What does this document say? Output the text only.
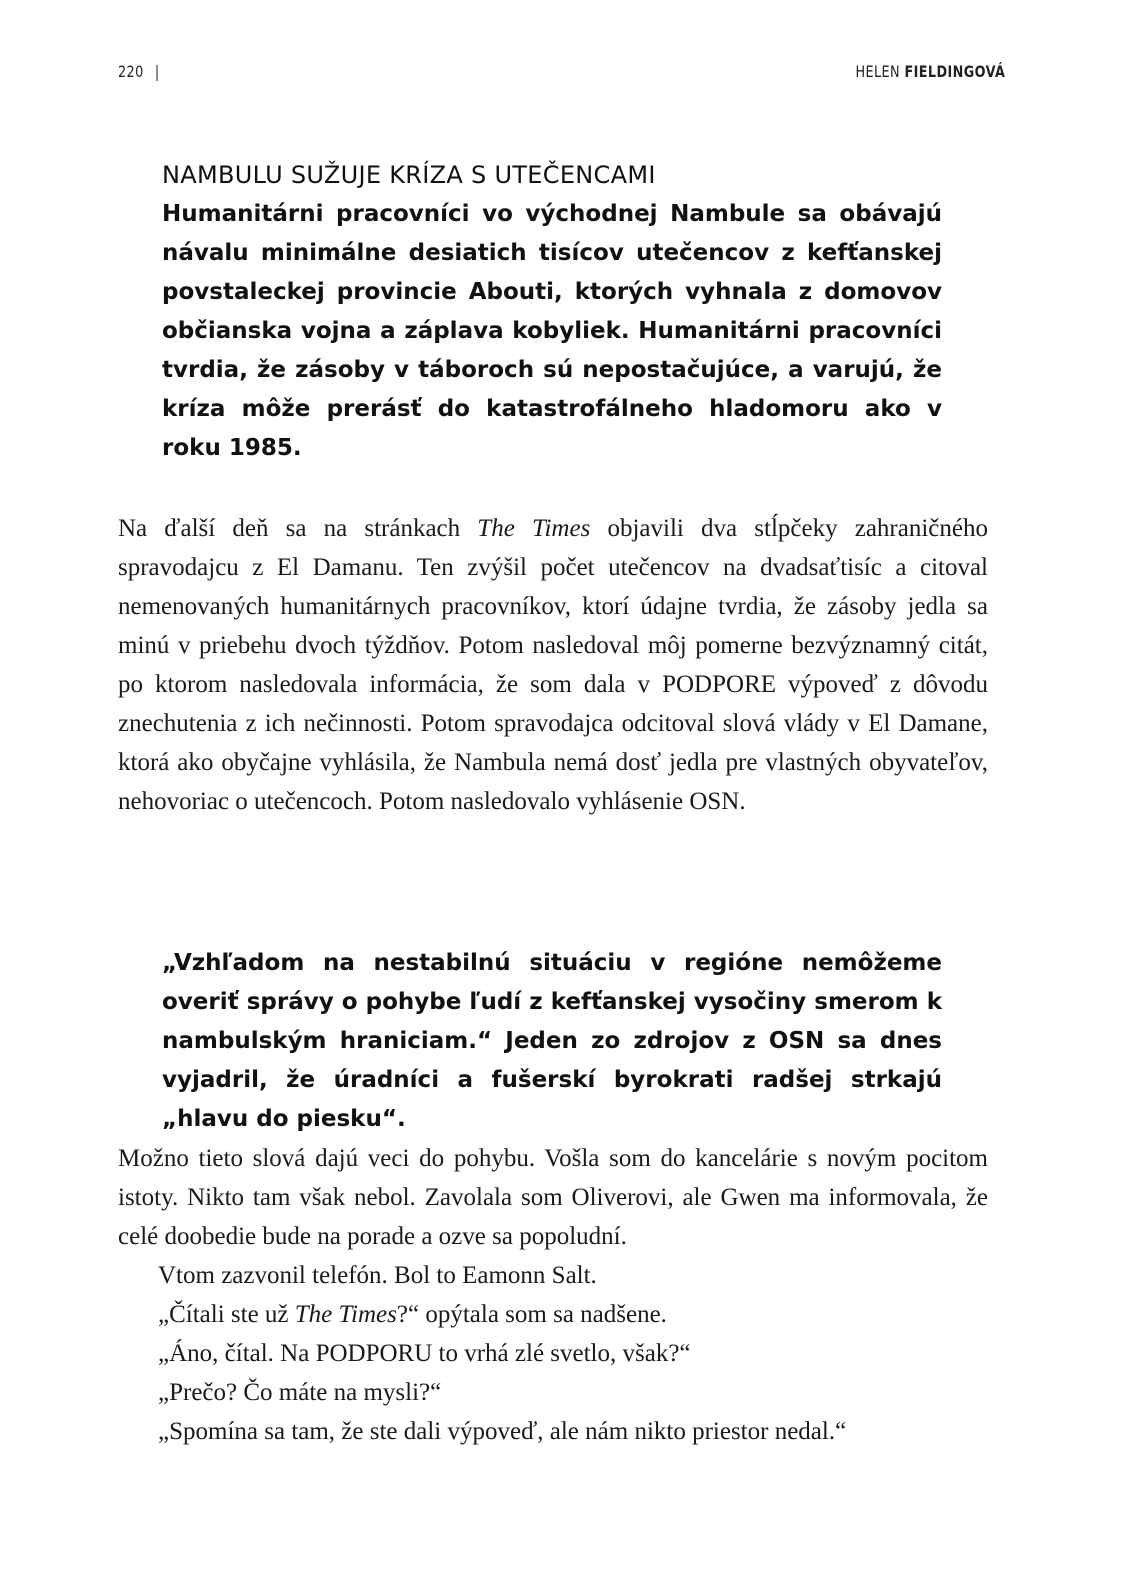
220 |	HELEN FIELDINGOVÁ
NAMBULU SUŽUJE KRÍZA S UTEČENCAMI

Humanitárni pracovníci vo východnej Nambule sa obávajú návalu minimálne desiatich tisícov utečencov z kefťanskej povstaleckej provincie Abouti, ktorých vyhnala z domovov občianska vojna a záplava kobyliek. Humanitárni pracovníci tvrdia, že zásoby v táboroch sú nepostačujúce, a varujú, že kríza môže prerásť do katastrofálneho hladomoru ako v roku 1985.

Na ďalší deň sa na stránkach The Times objavili dva stĺpčeky zahraničného spravodajcu z El Damanu. Ten zvýšil počet utečencov na dvadsaťtisíc a citoval nemenovaných humanitárnych pracovníkov, ktorí údajne tvrdia, že zásoby jedla sa minú v priebehu dvoch týždňov. Potom nasledoval môj pomerne bezvýznamný citát, po ktorom nasledovala informácia, že som dala v PODPORE výpoveď z dôvodu znechutenia z ich nečinnosti. Potom spravodajca odcitoval slová vlády v El Damane, ktorá ako obyčajne vyhlásila, že Nambula nemá dosť jedla pre vlastných obyvateľov, nehovoriac o utečencoch. Potom nasledovalo vyhlásenie OSN.

„Vzhľadom na nestabilnú situáciu v regióne nemôžeme overiť správy o pohybe ľudí z kefťanskej vysočiny smerom k nambulským hraniciam.“ Jeden zo zdrojov z OSN sa dnes vyjadril, že úradníci a fušerskí byrokrati radšej strkajú „hlavu do piesku“.

Možno tieto slová dajú veci do pohybu. Vošla som do kancelárie s novým pocitom istoty. Nikto tam však nebol. Zavolala som Oliverovi, ale Gwen ma informovala, že celé doobedie bude na porade a ozve sa popoludní.

Vtom zazvonil telefón. Bol to Eamonn Salt.

„Čítali ste už The Times?“ opýtala som sa nadšene.

„Áno, čítal. Na PODPORU to vrhá zlé svetlo, však?“

„Prečo? Čo máte na mysli?“

„Spomína sa tam, že ste dali výpoveď, ale nám nikto priestor nedal.“
